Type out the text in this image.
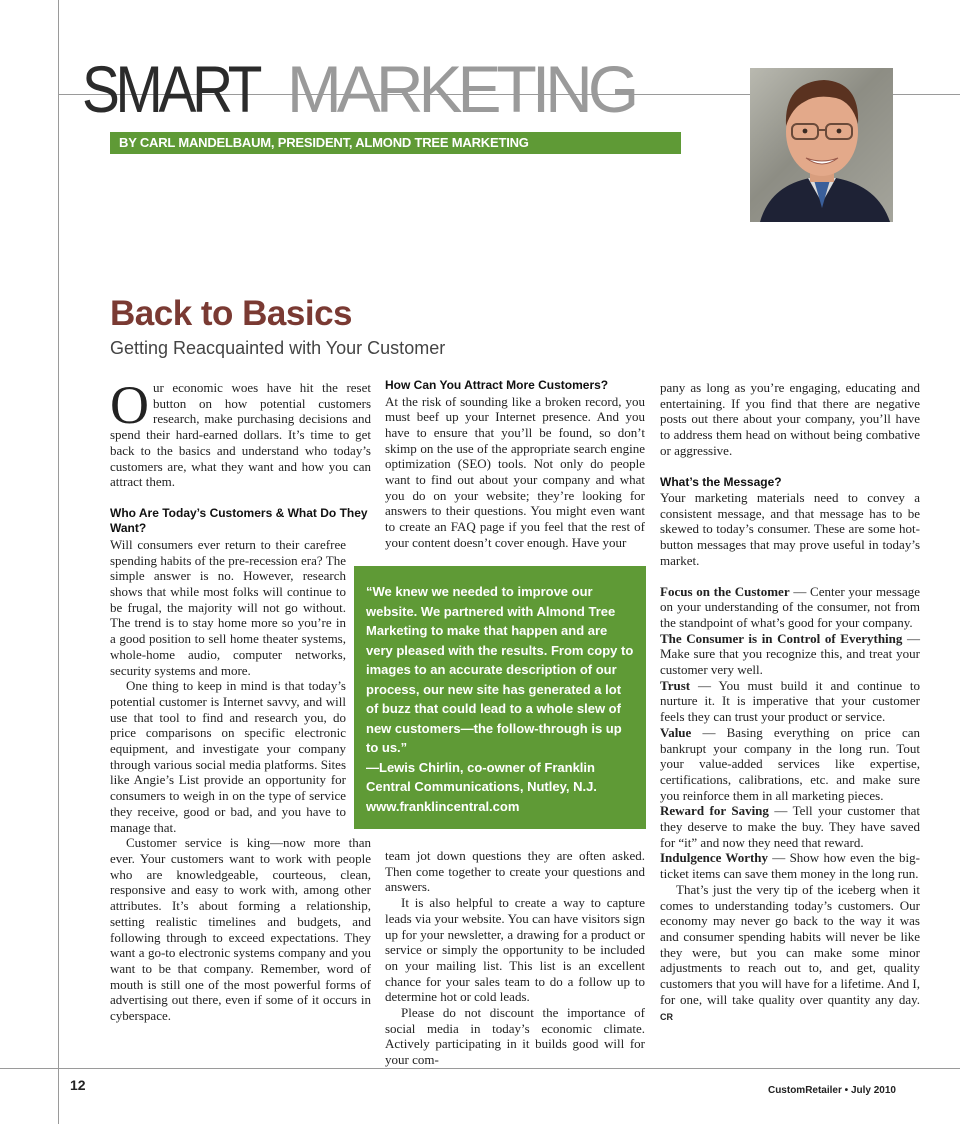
SMART MARKETING
BY CARL MANDELBAUM, PRESIDENT, ALMOND TREE MARKETING
Back to Basics
Getting Reacquainted with Your Customer

Our economic woes have hit the reset button on how potential customers research, make purchasing decisions and spend their hard-earned dollars. It’s time to get back to the basics and understand who today’s customers are, what they want and how you can attract them.

Who Are Today’s Customers & What Do They Want?

Will consumers ever return to their carefree spending habits of the pre-recession era? The simple answer is no. However, research shows that while most folks will continue to be frugal, the majority will not go without. The trend is to stay home more so you’re in a good position to sell home theater systems, whole-home audio, computer networks, security systems and more.

One thing to keep in mind is that today’s potential customer is Internet savvy, and will use that tool to find and research you, do price comparisons on specific electronic equipment, and investigate your company through various social media platforms. Sites like Angie’s List provide an opportunity for consumers to weigh in on the type of service they receive, good or bad, and you have to manage that.

Customer service is king—now more than ever. Your customers want to work with people who are knowledgeable, courteous, clean, responsive and easy to work with, among other attributes. It’s about forming a relationship, setting realistic timelines and budgets, and following through to exceed expectations. They want a go-to electronic systems company and you want to be that company. Remember, word of mouth is still one of the most powerful forms of advertising out there, even if some of it occurs in cyberspace.

How Can You Attract More Customers?

At the risk of sounding like a broken record, you must beef up your Internet presence. And you have to ensure that you’ll be found, so don’t skimp on the use of the appropriate search engine optimization (SEO) tools. Not only do people want to find out about your company and what you do on your website; they’re looking for answers to their questions. You might even want to create an FAQ page if you feel that the rest of your content doesn’t cover enough. Have your

“We knew we needed to improve our website. We partnered with Almond Tree Marketing to make that happen and are very pleased with the results. From copy to images to an accurate description of our process, our new site has generated a lot of buzz that could lead to a whole slew of new customers—the follow-through is up to us.”

—Lewis Chirlin, co-owner of Franklin Central Communications, Nutley, N.J.

www.franklincentral.com

team jot down questions they are often asked. Then come together to create your questions and answers.

It is also helpful to create a way to capture leads via your website. You can have visitors sign up for your newsletter, a drawing for a product or service or simply the opportunity to be included on your mailing list. This list is an excellent chance for your sales team to do a follow up to determine hot or cold leads.

Please do not discount the importance of social media in today’s economic climate. Actively participating in it builds good will for your com-

pany as long as you’re engaging, educating and entertaining. If you find that there are negative posts out there about your company, you’ll have to address them head on without being combative or aggressive.

What’s the Message?

Your marketing materials need to convey a consistent message, and that message has to be skewed to today’s consumer. These are some hot-button messages that may prove useful in today’s market.

Focus on the Customer — Center your message on your understanding of the consumer, not from the standpoint of what’s good for your company.

The Consumer is in Control of Everything — Make sure that you recognize this, and treat your customer very well.

Trust — You must build it and continue to nurture it. It is imperative that your customer feels they can trust your product or service.

Value — Basing everything on price can bankrupt your company in the long run. Tout your value-added services like expertise, certifications, calibrations, etc. and make sure you reinforce them in all marketing pieces.

Reward for Saving — Tell your customer that they deserve to make the buy. They have saved for “it” and now they need that reward.

Indulgence Worthy — Show how even the big-ticket items can save them money in the long run.

That’s just the very tip of the iceberg when it comes to understanding today’s customers. Our economy may never go back to the way it was and consumer spending habits will never be like they were, but you can make some minor adjustments to reach out to, and get, quality customers that you will have for a lifetime. And I, for one, will take quality over quantity any day. CR

12	CustomRetailer • July 2010
